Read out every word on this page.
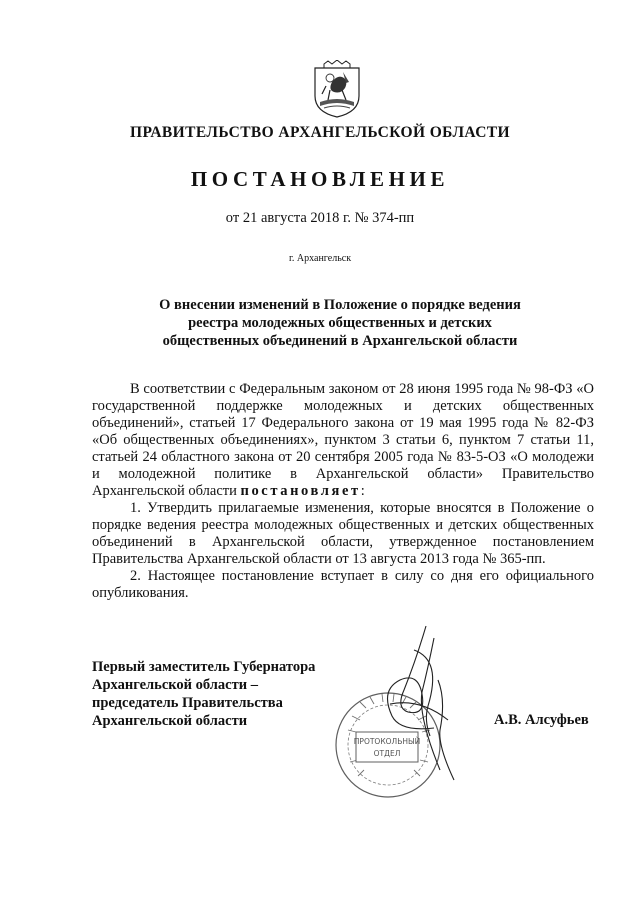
ПРАВИТЕЛЬСТВО АРХАНГЕЛЬСКОЙ ОБЛАСТИ
ПОСТАНОВЛЕНИЕ
от 21 августа 2018 г. № 374-пп
г. Архангельск
О внесении изменений в Положение о порядке ведения
реестра молодежных общественных и детских
общественных объединений в Архангельской области

В соответствии с Федеральным законом от 28 июня 1995 года № 98-ФЗ «О государственной поддержке молодежных и детских общественных объединений», статьей 17 Федерального закона от 19 мая 1995 года № 82-ФЗ «Об общественных объединениях», пунктом 3 статьи 6, пунктом 7 статьи 11, статьей 24 областного закона от 20 сентября 2005 года № 83-5-ОЗ «О молодежи и молодежной политике в Архангельской области» Правительство Архангельской области постановляет:

1. Утвердить прилагаемые изменения, которые вносятся в Положение о порядке ведения реестра молодежных общественных и детских общественных объединений в Архангельской области, утвержденное постановлением Правительства Архангельской области от 13 августа 2013 года № 365-пп.

2. Настоящее постановление вступает в силу со дня его официального опубликования.

Первый заместитель Губернатора
Архангельской области –
председатель Правительства
Архангельской области	А.В. Алсуфьев
ПРОТОКОЛЬНЫЙ
ОТДЕЛ
